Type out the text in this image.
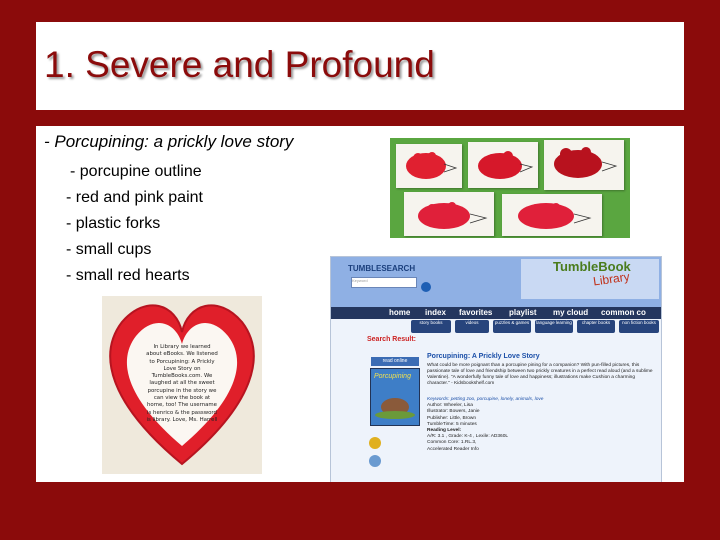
1. Severe and Profound
- Porcupining: a prickly love story
- porcupine outline
- red and pink paint
- plastic forks
- small cups
- small red hearts
In Library we learned about eBooks. We listened to Porcupining: A Prickly Love Story on TumbleBooks.com. We laughed at all the sweet porcupine in the story we can view the book at home, too! The username is henrico & the password is library. Love, Ms. Harrell
TUMBLESEARCH
Keyword
TumbleBook
Library
home index favorites playlist my cloud common co
story books	videos	puzzles & games	language learning	chapter books	non fiction books
Search Result:
read online
Porcupining
Porcupining: A Prickly Love Story
What could be more poignant than a porcupine pining for a companion? With pun-filled pictures, this passionate tale of love and friendship between two prickly creatures in a perfect read aloud (and a sublime Valentine). "A wonderfully funny tale of love and happiness; illustrations make Cushion a charming character." - Kidsbookshelf.com
Keywords: petting zoo, porcupine, lonely, animals, love
Author: Wheeler, Lisa
Illustrator: Bowers, Janie
Publisher: Little, Brown
TumbleTime: 5 minutes
Reading Level:
A/R: 3.1 , Grade: K-4 , Lexile: AD360L
Common Core: 1.RL.3,
Accelerated Reader Info
